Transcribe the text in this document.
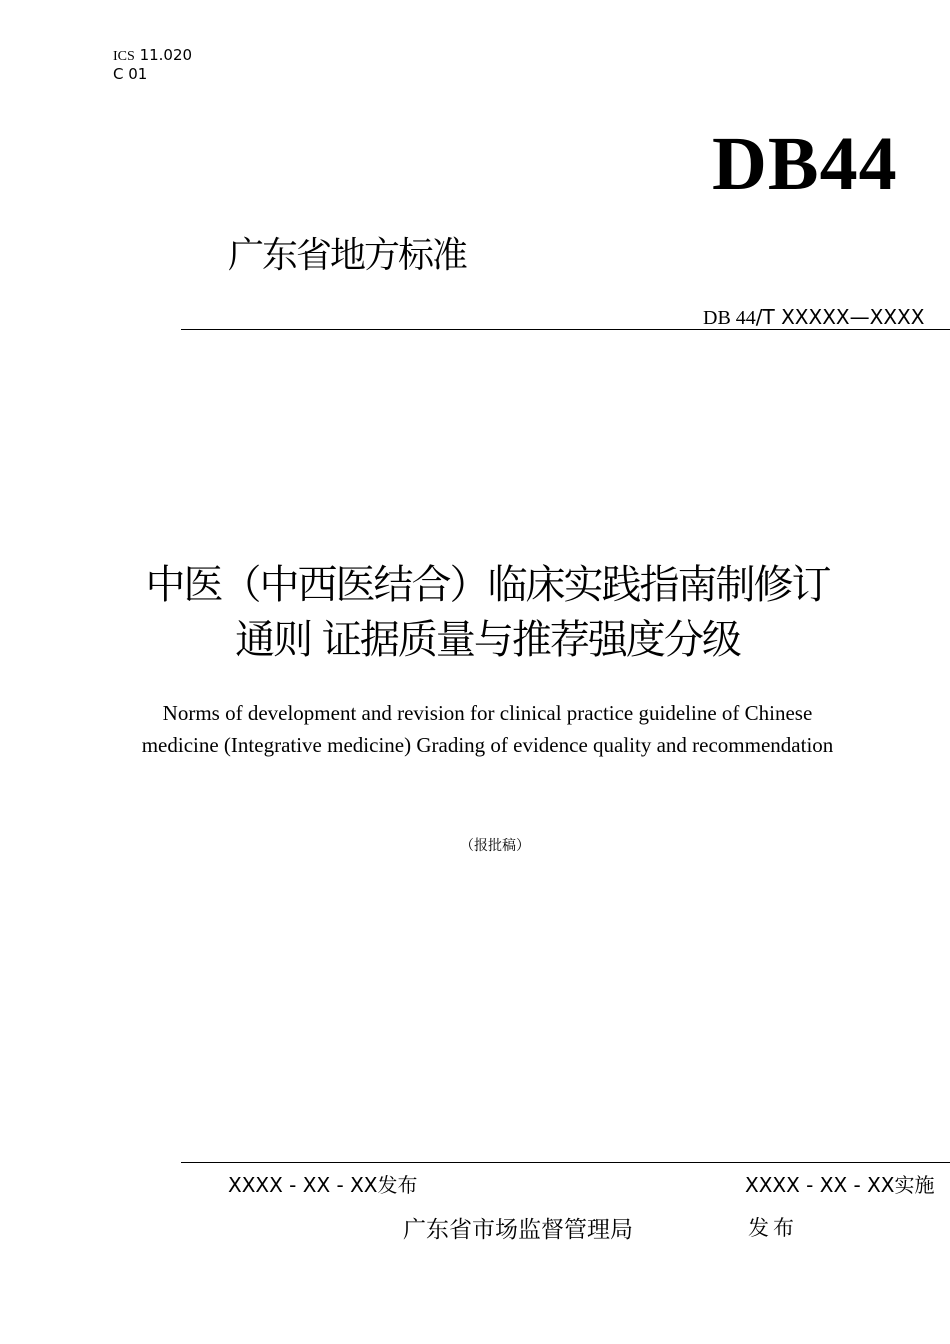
ICS 11.020
C 01
DB44
广东省地方标准
DB 44/T XXXXX—XXXX
中医（中西医结合）临床实践指南制修订
通则 证据质量与推荐强度分级
Norms of development and revision for clinical practice guideline of Chinese
medicine (Integrative medicine) Grading of evidence quality and recommendation
（报批稿）
XXXX - XX - XX发布	XXXX - XX - XX实施
广东省市场监督管理局	发布
